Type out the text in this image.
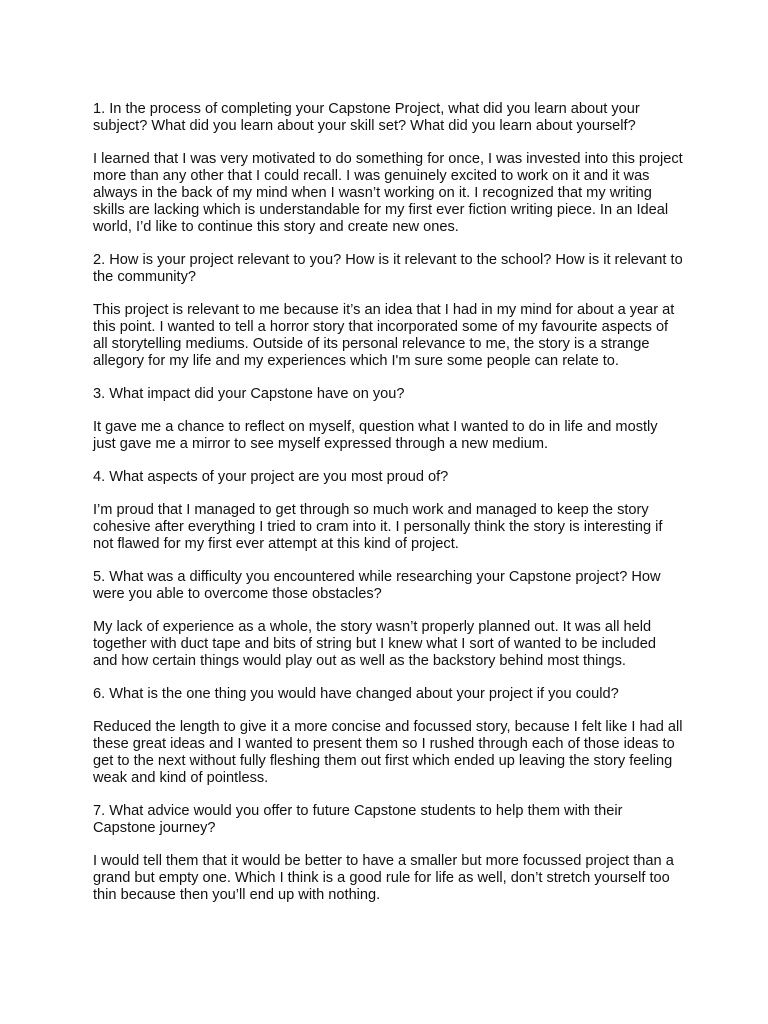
1. In the process of completing your Capstone Project, what did you learn about your subject? What did you learn about your skill set? What did you learn about yourself?

I learned that I was very motivated to do something for once, I was invested into this project more than any other that I could recall. I was genuinely excited to work on it and it was always in the back of my mind when I wasn’t working on it. I recognized that my writing skills are lacking which is understandable for my first ever fiction writing piece. In an Ideal world, I’d like to continue this story and create new ones.

2. How is your project relevant to you? How is it relevant to the school? How is it relevant to the community?

This project is relevant to me because it’s an idea that I had in my mind for about a year at this point. I wanted to tell a horror story that incorporated some of my favourite aspects of all storytelling mediums. Outside of its personal relevance to me, the story is a strange allegory for my life and my experiences which I'm sure some people can relate to.

3. What impact did your Capstone have on you?

It gave me a chance to reflect on myself, question what I wanted to do in life and mostly just gave me a mirror to see myself expressed through a new medium.

4. What aspects of your project are you most proud of?

I’m proud that I managed to get through so much work and managed to keep the story cohesive after everything I tried to cram into it. I personally think the story is interesting if not flawed for my first ever attempt at this kind of project.

5. What was a difficulty you encountered while researching your Capstone project? How were you able to overcome those obstacles?

My lack of experience as a whole, the story wasn’t properly planned out. It was all held together with duct tape and bits of string but I knew what I sort of wanted to be included and how certain things would play out as well as the backstory behind most things.

6. What is the one thing you would have changed about your project if you could?

Reduced the length to give it a more concise and focussed story, because I felt like I had all these great ideas and I wanted to present them so I rushed through each of those ideas to get to the next without fully fleshing them out first which ended up leaving the story feeling weak and kind of pointless.

7. What advice would you offer to future Capstone students to help them with their Capstone journey?

I would tell them that it would be better to have a smaller but more focussed project than a grand but empty one. Which I think is a good rule for life as well, don’t stretch yourself too thin because then you’ll end up with nothing.
